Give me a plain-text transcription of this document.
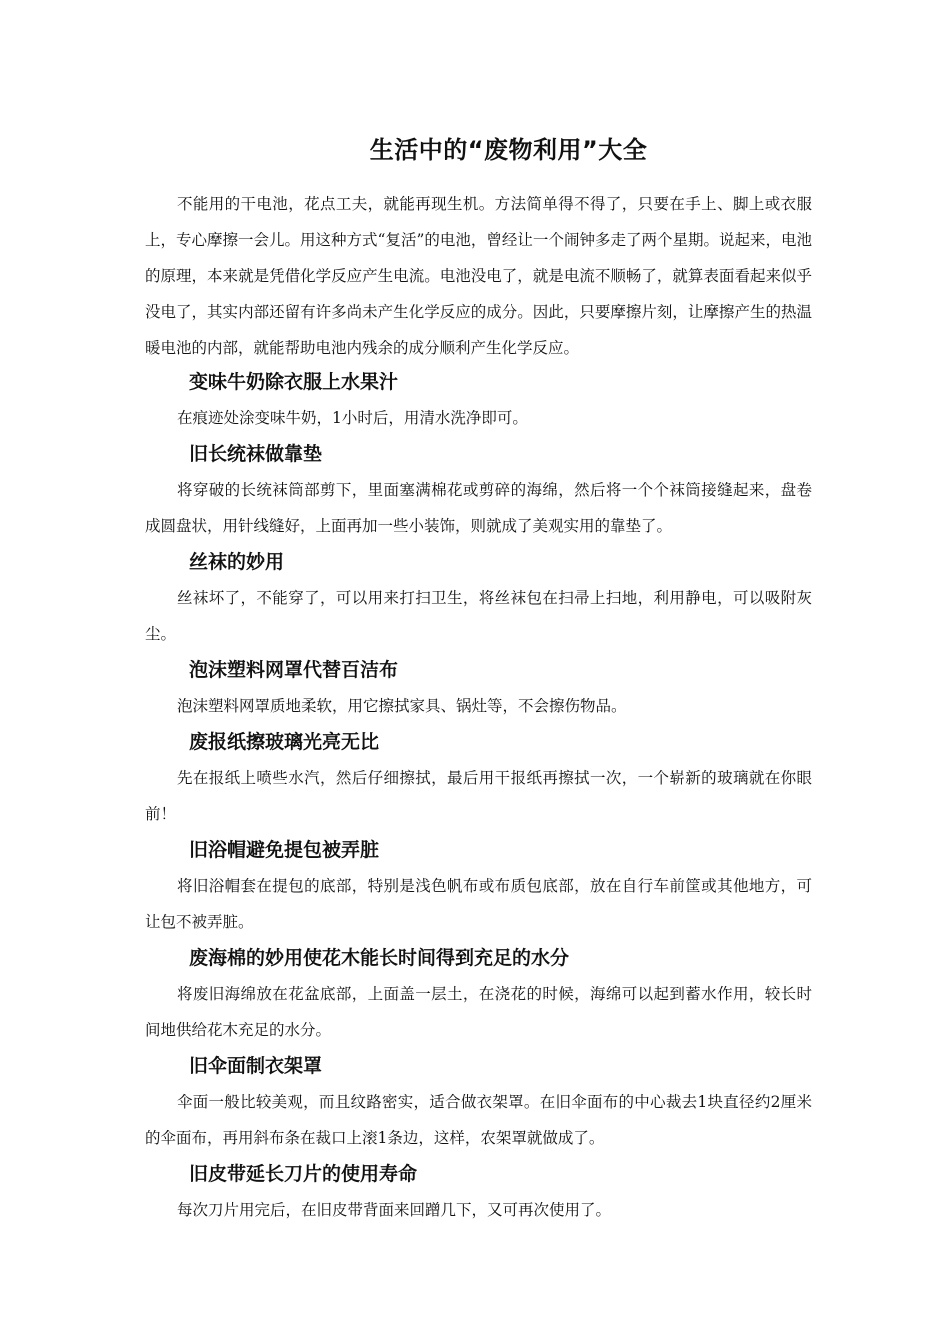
生活中的“废物利用”大全

不能用的干电池，花点工夫，就能再现生机。方法简单得不得了，只要在手上、脚上或衣服上，专心摩擦一会儿。用这种方式“复活”的电池，曾经让一个闹钟多走了两个星期。说起来，电池的原理，本来就是凭借化学反应产生电流。电池没电了，就是电流不顺畅了，就算表面看起来似乎没电了，其实内部还留有许多尚未产生化学反应的成分。因此，只要摩擦片刻，让摩擦产生的热温暖电池的内部，就能帮助电池内残余的成分顺利产生化学反应。

变味牛奶除衣服上水果汁

在痕迹处涂变味牛奶，1小时后，用清水洗净即可。

旧长统袜做靠垫

将穿破的长统袜筒部剪下，里面塞满棉花或剪碎的海绵，然后将一个个袜筒接缝起来，盘卷成圆盘状，用针线缝好，上面再加一些小装饰，则就成了美观实用的靠垫了。

丝袜的妙用

丝袜坏了，不能穿了，可以用来打扫卫生，将丝袜包在扫帚上扫地，利用静电，可以吸附灰尘。

泡沫塑料网罩代替百洁布

泡沫塑料网罩质地柔软，用它擦拭家具、锅灶等，不会擦伤物品。

废报纸擦玻璃光亮无比

先在报纸上喷些水汽，然后仔细擦拭，最后用干报纸再擦拭一次，一个崭新的玻璃就在你眼前！

旧浴帽避免提包被弄脏

将旧浴帽套在提包的底部，特别是浅色帆布或布质包底部，放在自行车前筐或其他地方，可让包不被弄脏。

废海棉的妙用使花木能长时间得到充足的水分

将废旧海绵放在花盆底部，上面盖一层土，在浇花的时候，海绵可以起到蓄水作用，较长时间地供给花木充足的水分。

旧伞面制衣架罩

伞面一般比较美观，而且纹路密实，适合做衣架罩。在旧伞面布的中心裁去1块直径约2厘米的伞面布，再用斜布条在裁口上滚1条边，这样，农架罩就做成了。

旧皮带延长刀片的使用寿命

每次刀片用完后，在旧皮带背面来回蹭几下，又可再次使用了。
